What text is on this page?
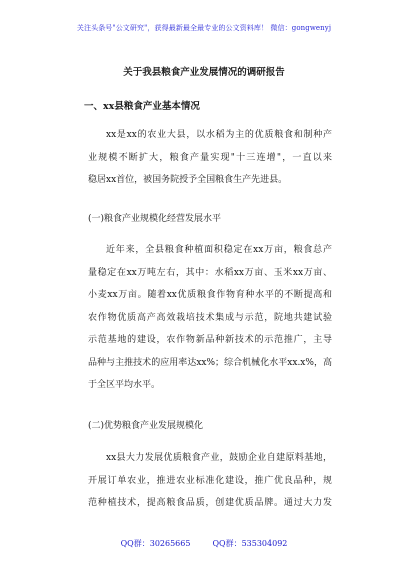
关注头条号"公文研究"，获得最新最全最专业的公文资料库！ 微信：gongwenyj
关于我县粮食产业发展情况的调研报告
一、xx县粮食产业基本情况
xx是xx的农业大县，以水稻为主的优质粮食和制种产
业规模不断扩大，粮食产量实现"十三连增"，一直以来
稳居xx首位，被国务院授予全国粮食生产先进县。
(一)粮食产业规模化经营发展水平
近年来，全县粮食种植面积稳定在xx万亩，粮食总产
量稳定在xx万吨左右，其中：水稻xx万亩、玉米xx万亩、
小麦xx万亩。随着xx优质粮食作物育种水平的不断提高和
农作物优质高产高效栽培技术集成与示范，院地共建试验
示范基地的建设，农作物新品种新技术的示范推广，主导
品种与主推技术的应用率达xx%；综合机械化水平xx.x%，高
于全区平均水平。
(二)优势粮食产业发展规模化
xx县大力发展优质粮食产业，鼓励企业自建原料基地，
开展订单农业，推进农业标准化建设，推广优良品种，规
范种植技术，提高粮食品质，创建优质品牌。通过大力发
QQ群：30265665	QQ群：535304092
